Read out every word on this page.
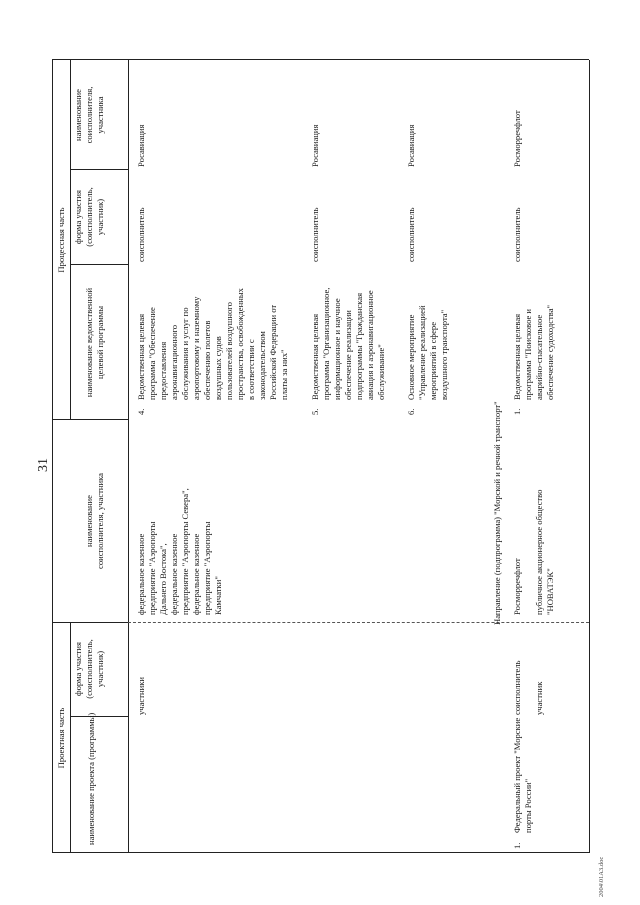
31
2004\01A3.doc
Проектная часть
Процессная часть
наименование проекта (программы)
форма участия (соисполнитель, участник)
наименование соисполнителя, участника
наименование ведомственной целевой программы
форма участия (соисполнитель, участник)
наименование соисполнителя, участника
участники
федеральное казенное предприятие "Аэропорты Дальнего Востока", федеральное казенное предприятие "Аэропорты Севера", федеральное казенное предприятие "Аэропорты Камчатки"
4.
Ведомственная целевая программа "Обеспечение предоставления аэронавигационного обслуживания и услуг по аэропортовому и наземному обеспечению полетов воздушных судов пользователей воздушного пространства, освобожденных в соответствии с законодательством Российской Федерации от платы за них"
соисполнитель
Росавиация
5.
Ведомственная целевая программа "Организационное, информационное и научное обеспечение реализации подпрограммы "Гражданская авиация и аэронавигационное обслуживание"
соисполнитель
Росавиация
6.
Основное мероприятие "Управление реализацией мероприятий в сфере воздушного транспорта"
соисполнитель
Росавиация
Направление (подпрограмма) "Морской и речной транспорт"
1.
Федеральный проект "Морские порты России"
соисполнитель участник
Росморречфлот публичное акционерное общество "НОВАТЭК"
1.
Ведомственная целевая программа "Поисковое и аварийно-спасательное обеспечение судоходства"
соисполнитель
Росморречфлот
